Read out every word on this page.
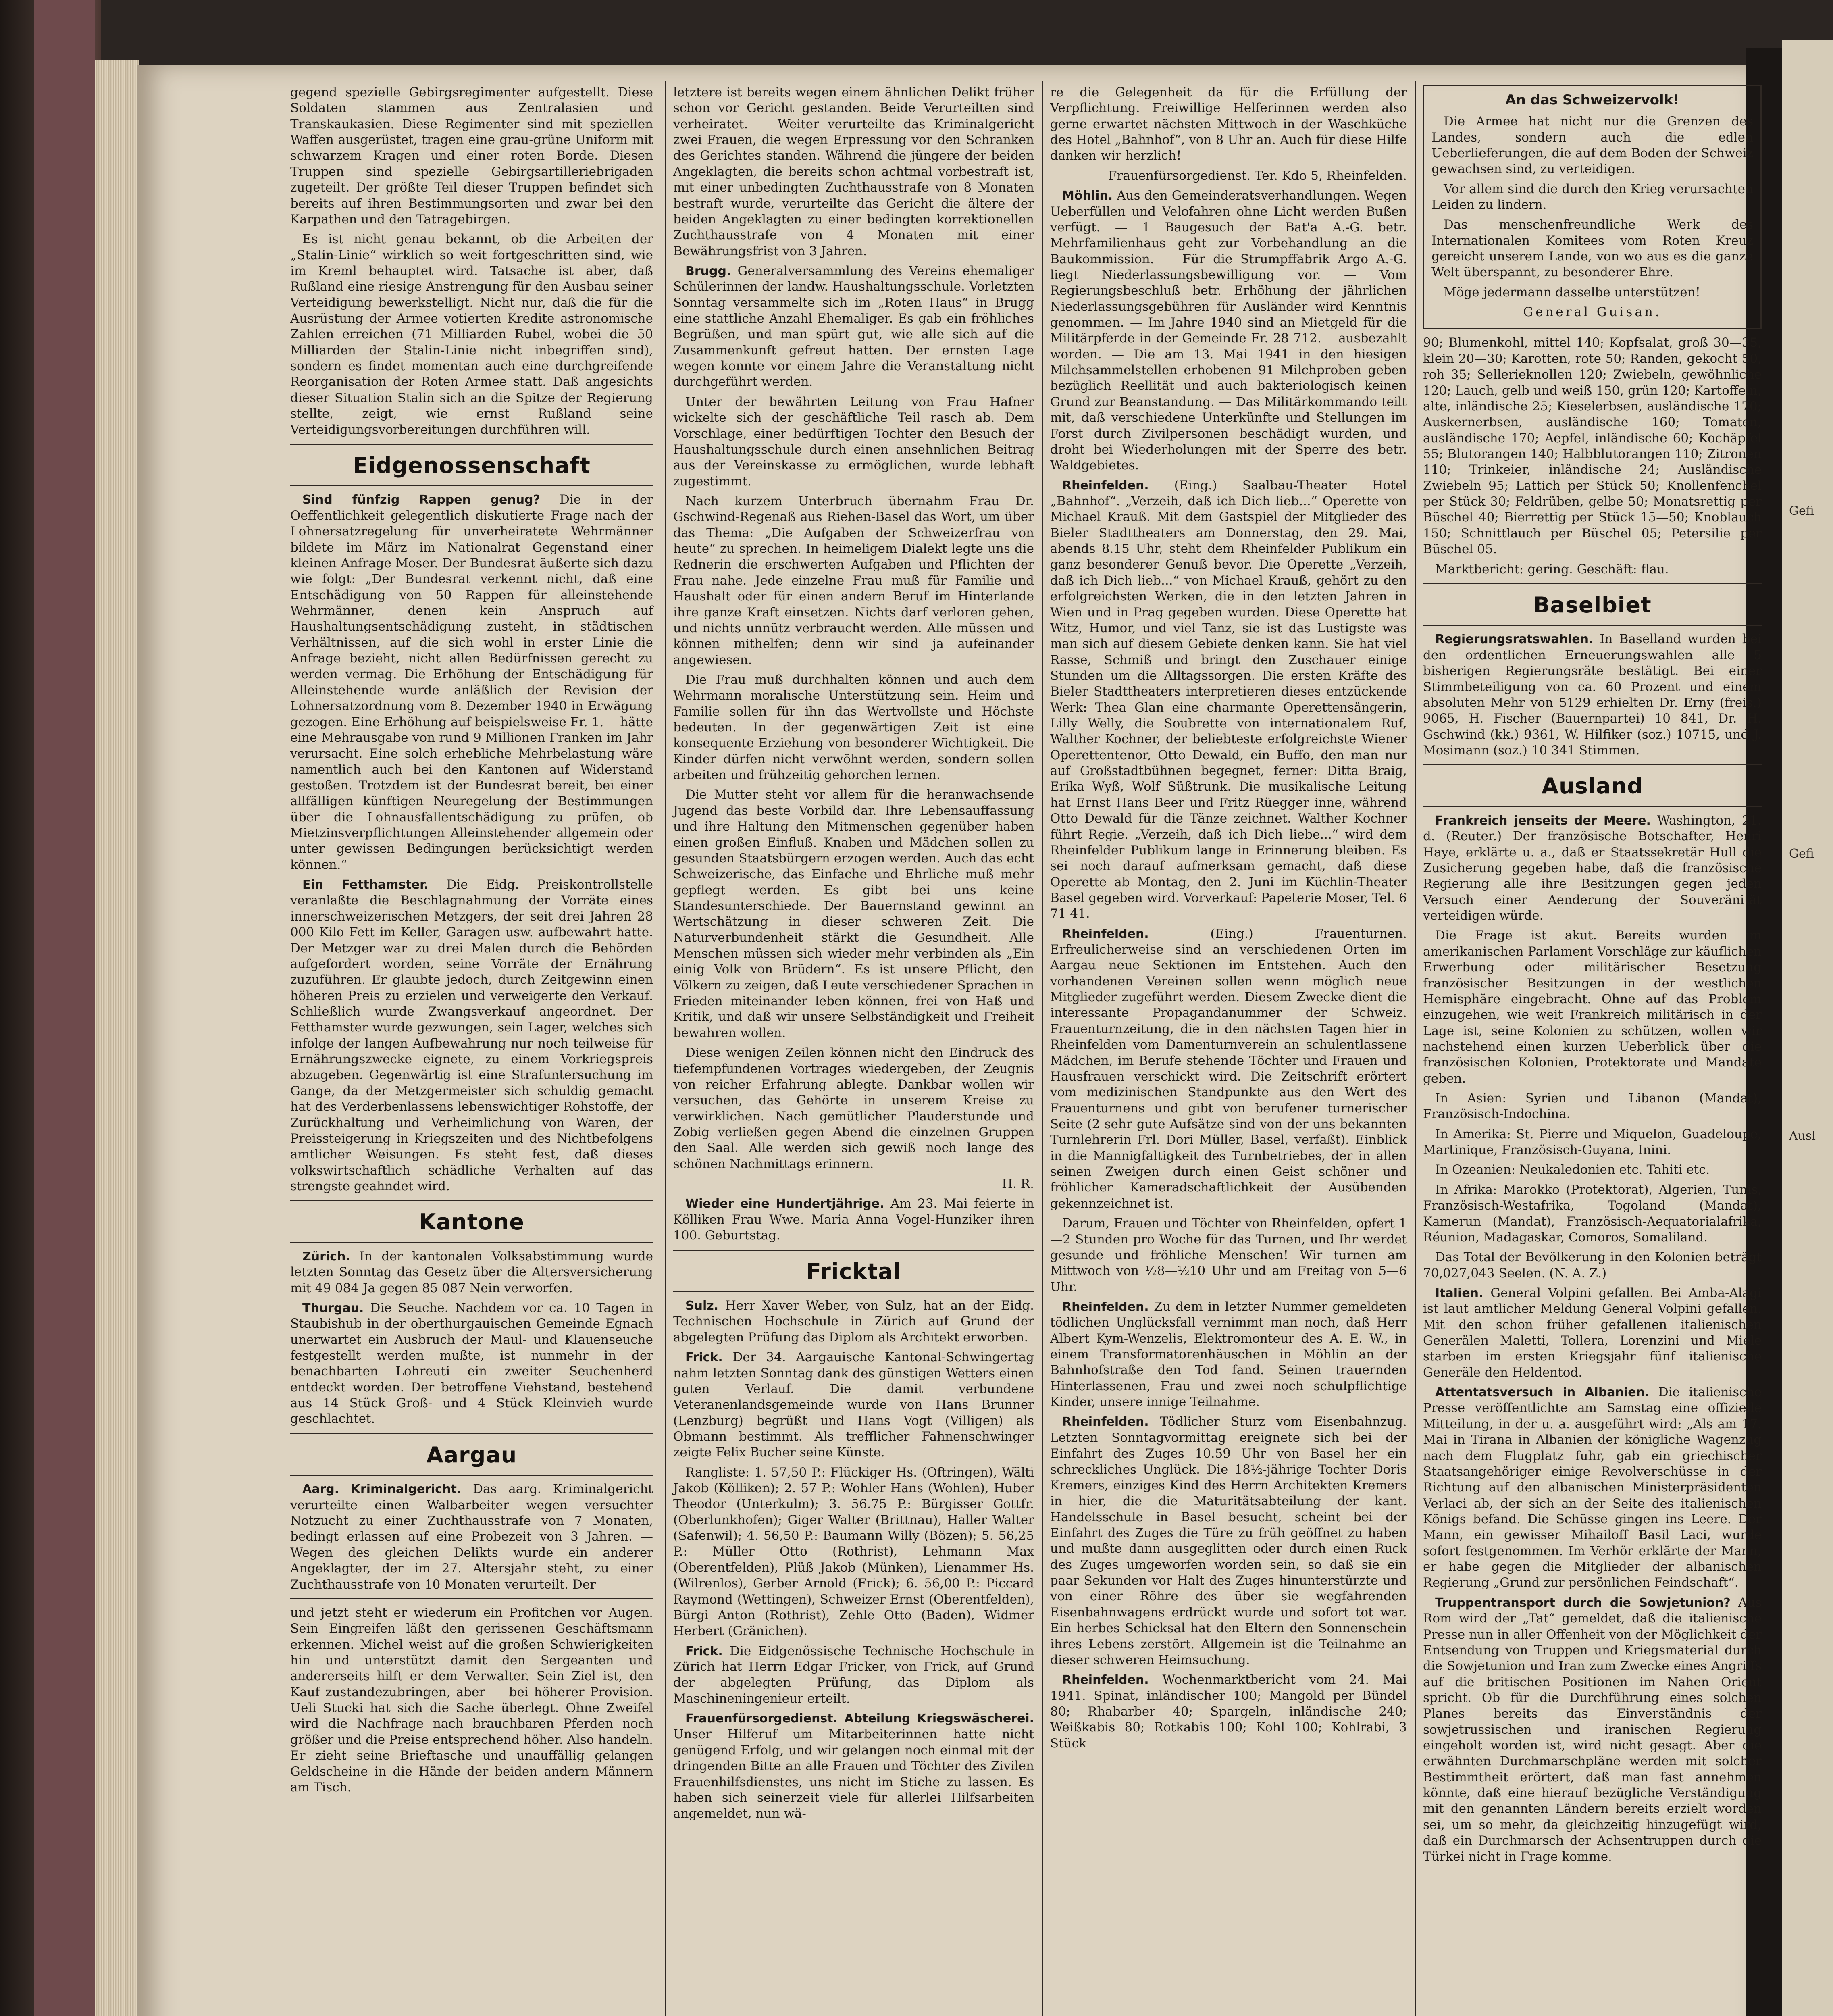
Gefi
Gefi
Ausl

gegend spezielle Gebirgsregimenter aufgestellt. Diese Soldaten stammen aus Zentralasien und Transkaukasien. Diese Regimenter sind mit speziellen Waffen ausgerüstet, tragen eine grau-grüne Uniform mit schwarzem Kragen und einer roten Borde. Diesen Truppen sind spezielle Gebirgsartilleriebrigaden zugeteilt. Der größte Teil dieser Truppen befindet sich bereits auf ihren Bestimmungsorten und zwar bei den Karpathen und den Tatragebirgen.

Es ist nicht genau bekannt, ob die Arbeiten der „Stalin-Linie“ wirklich so weit fortgeschritten sind, wie im Kreml behauptet wird. Tatsache ist aber, daß Rußland eine riesige Anstrengung für den Ausbau seiner Verteidigung bewerkstelligt. Nicht nur, daß die für die Ausrüstung der Armee votierten Kredite astronomische Zahlen erreichen (71 Milliarden Rubel, wobei die 50 Milliarden der Stalin-Linie nicht inbegriffen sind), sondern es findet momentan auch eine durchgreifende Reorganisation der Roten Armee statt. Daß angesichts dieser Situation Stalin sich an die Spitze der Regierung stellte, zeigt, wie ernst Rußland seine Verteidigungsvorbereitungen durchführen will.

Eidgenossenschaft

Sind fünfzig Rappen genug? Die in der Oeffentlichkeit gelegentlich diskutierte Frage nach der Lohnersatzregelung für unverheiratete Wehrmänner bildete im März im Nationalrat Gegenstand einer kleinen Anfrage Moser. Der Bundesrat äußerte sich dazu wie folgt: „Der Bundesrat verkennt nicht, daß eine Entschädigung von 50 Rappen für alleinstehende Wehrmänner, denen kein Anspruch auf Haushaltungsentschädigung zusteht, in städtischen Verhältnissen, auf die sich wohl in erster Linie die Anfrage bezieht, nicht allen Bedürfnissen gerecht zu werden vermag. Die Erhöhung der Entschädigung für Alleinstehende wurde anläßlich der Revision der Lohnersatzordnung vom 8. Dezember 1940 in Erwägung gezogen. Eine Erhöhung auf beispielsweise Fr. 1.— hätte eine Mehrausgabe von rund 9 Millionen Franken im Jahr verursacht. Eine solch erhebliche Mehrbelastung wäre namentlich auch bei den Kantonen auf Widerstand gestoßen. Trotzdem ist der Bundesrat bereit, bei einer allfälligen künftigen Neuregelung der Bestimmungen über die Lohnausfallentschädigung zu prüfen, ob Mietzinsverpflichtungen Alleinstehender allgemein oder unter gewissen Bedingungen berücksichtigt werden können.“

Ein Fetthamster. Die Eidg. Preiskontrollstelle veranlaßte die Beschlagnahmung der Vorräte eines innerschweizerischen Metzgers, der seit drei Jahren 28 000 Kilo Fett im Keller, Garagen usw. aufbewahrt hatte. Der Metzger war zu drei Malen durch die Behörden aufgefordert worden, seine Vorräte der Ernährung zuzuführen. Er glaubte jedoch, durch Zeitgewinn einen höheren Preis zu erzielen und verweigerte den Verkauf. Schließlich wurde Zwangsverkauf angeordnet. Der Fetthamster wurde gezwungen, sein Lager, welches sich infolge der langen Aufbewahrung nur noch teilweise für Ernährungszwecke eignete, zu einem Vorkriegspreis abzugeben. Gegenwärtig ist eine Strafuntersuchung im Gange, da der Metzgermeister sich schuldig gemacht hat des Verderbenlassens lebenswichtiger Rohstoffe, der Zurückhaltung und Verheimlichung von Waren, der Preissteigerung in Kriegszeiten und des Nichtbefolgens amtlicher Weisungen. Es steht fest, daß dieses volkswirtschaftlich schädliche Verhalten auf das strengste geahndet wird.

Kantone

Zürich. In der kantonalen Volksabstimmung wurde letzten Sonntag das Gesetz über die Altersversicherung mit 49 084 Ja gegen 85 087 Nein verworfen.

Thurgau. Die Seuche. Nachdem vor ca. 10 Tagen in Staubishub in der oberthurgauischen Gemeinde Egnach unerwartet ein Ausbruch der Maul- und Klauenseuche festgestellt werden mußte, ist nunmehr in der benachbarten Lohreuti ein zweiter Seuchenherd entdeckt worden. Der betroffene Viehstand, bestehend aus 14 Stück Groß- und 4 Stück Kleinvieh wurde geschlachtet.

Aargau

Aarg. Kriminalgericht. Das aarg. Kriminalgericht verurteilte einen Walbarbeiter wegen versuchter Notzucht zu einer Zuchthausstrafe von 7 Monaten, bedingt erlassen auf eine Probezeit von 3 Jahren. — Wegen des gleichen Delikts wurde ein anderer Angeklagter, der im 27. Altersjahr steht, zu einer Zuchthausstrafe von 10 Monaten verurteilt. Der

und jetzt steht er wiederum ein Profitchen vor Augen. Sein Eingreifen läßt den gerissenen Geschäftsmann erkennen. Michel weist auf die großen Schwierigkeiten hin und unterstützt damit den Sergeanten und andererseits hilft er dem Verwalter. Sein Ziel ist, den Kauf zustandezubringen, aber — bei höherer Provision. Ueli Stucki hat sich die Sache überlegt. Ohne Zweifel wird die Nachfrage nach brauchbaren Pferden noch größer und die Preise entsprechend höher. Also handeln. Er zieht seine Brieftasche und unauffällig gelangen Geldscheine in die Hände der beiden andern Männern am Tisch.

letztere ist bereits wegen einem ähnlichen Delikt früher schon vor Gericht gestanden. Beide Verurteilten sind verheiratet. — Weiter verurteilte das Kriminalgericht zwei Frauen, die wegen Erpressung vor den Schranken des Gerichtes standen. Während die jüngere der beiden Angeklagten, die bereits schon achtmal vorbestraft ist, mit einer unbedingten Zuchthausstrafe von 8 Monaten bestraft wurde, verurteilte das Gericht die ältere der beiden Angeklagten zu einer bedingten korrektionellen Zuchthausstrafe von 4 Monaten mit einer Bewährungsfrist von 3 Jahren.

Brugg. Generalversammlung des Vereins ehemaliger Schülerinnen der landw. Haushaltungsschule. Vorletzten Sonntag versammelte sich im „Roten Haus“ in Brugg eine stattliche Anzahl Ehemaliger. Es gab ein fröhliches Begrüßen, und man spürt gut, wie alle sich auf die Zusammenkunft gefreut hatten. Der ernsten Lage wegen konnte vor einem Jahre die Veranstaltung nicht durchgeführt werden.

Unter der bewährten Leitung von Frau Hafner wickelte sich der geschäftliche Teil rasch ab. Dem Vorschlage, einer bedürftigen Tochter den Besuch der Haushaltungsschule durch einen ansehnlichen Beitrag aus der Vereinskasse zu ermöglichen, wurde lebhaft zugestimmt.

Nach kurzem Unterbruch übernahm Frau Dr. Gschwind-Regenaß aus Riehen-Basel das Wort, um über das Thema: „Die Aufgaben der Schweizerfrau von heute“ zu sprechen. In heimeligem Dialekt legte uns die Rednerin die erschwerten Aufgaben und Pflichten der Frau nahe. Jede einzelne Frau muß für Familie und Haushalt oder für einen andern Beruf im Hinterlande ihre ganze Kraft einsetzen. Nichts darf verloren gehen, und nichts unnütz verbraucht werden. Alle müssen und können mithelfen; denn wir sind ja aufeinander angewiesen.

Die Frau muß durchhalten können und auch dem Wehrmann moralische Unterstützung sein. Heim und Familie sollen für ihn das Wertvollste und Höchste bedeuten. In der gegenwärtigen Zeit ist eine konsequente Erziehung von besonderer Wichtigkeit. Die Kinder dürfen nicht verwöhnt werden, sondern sollen arbeiten und frühzeitig gehorchen lernen.

Die Mutter steht vor allem für die heranwachsende Jugend das beste Vorbild dar. Ihre Lebensauffassung und ihre Haltung den Mitmenschen gegenüber haben einen großen Einfluß. Knaben und Mädchen sollen zu gesunden Staatsbürgern erzogen werden. Auch das echt Schweizerische, das Einfache und Ehrliche muß mehr gepflegt werden. Es gibt bei uns keine Standesunterschiede. Der Bauernstand gewinnt an Wertschätzung in dieser schweren Zeit. Die Naturverbundenheit stärkt die Gesundheit. Alle Menschen müssen sich wieder mehr verbinden als „Ein einig Volk von Brüdern“. Es ist unsere Pflicht, den Völkern zu zeigen, daß Leute verschiedener Sprachen in Frieden miteinander leben können, frei von Haß und Kritik, und daß wir unsere Selbständigkeit und Freiheit bewahren wollen.

Diese wenigen Zeilen können nicht den Eindruck des tiefempfundenen Vortrages wiedergeben, der Zeugnis von reicher Erfahrung ablegte. Dankbar wollen wir versuchen, das Gehörte in unserem Kreise zu verwirklichen. Nach gemütlicher Plauderstunde und Zobig verließen gegen Abend die einzelnen Gruppen den Saal. Alle werden sich gewiß noch lange des schönen Nachmittags erinnern.

H. R.

Wieder eine Hundertjährige. Am 23. Mai feierte in Kölliken Frau Wwe. Maria Anna Vogel-Hunziker ihren 100. Geburtstag.

Fricktal

Sulz. Herr Xaver Weber, von Sulz, hat an der Eidg. Technischen Hochschule in Zürich auf Grund der abgelegten Prüfung das Diplom als Architekt erworben.

Frick. Der 34. Aargauische Kantonal-Schwingertag nahm letzten Sonntag dank des günstigen Wetters einen guten Verlauf. Die damit verbundene Veteranenlandsgemeinde wurde von Hans Brunner (Lenzburg) begrüßt und Hans Vogt (Villigen) als Obmann bestimmt. Als trefflicher Fahnenschwinger zeigte Felix Bucher seine Künste.

Rangliste: 1. 57,50 P.: Flückiger Hs. (Oftringen), Wälti Jakob (Kölliken); 2. 57 P.: Wohler Hans (Wohlen), Huber Theodor (Unterkulm); 3. 56.75 P.: Bürgisser Gottfr. (Oberlunkhofen); Giger Walter (Brittnau), Haller Walter (Safenwil); 4. 56,50 P.: Baumann Willy (Bözen); 5. 56,25 P.: Müller Otto (Rothrist), Lehmann Max (Oberentfelden), Plüß Jakob (Münken), Lienammer Hs. (Wilrenlos), Gerber Arnold (Frick); 6. 56,00 P.: Piccard Raymond (Wettingen), Schweizer Ernst (Oberentfelden), Bürgi Anton (Rothrist), Zehle Otto (Baden), Widmer Herbert (Gränichen).

Frick. Die Eidgenössische Technische Hochschule in Zürich hat Herrn Edgar Fricker, von Frick, auf Grund der abgelegten Prüfung, das Diplom als Maschineningenieur erteilt.

Frauenfürsorgedienst. Abteilung Kriegswäscherei. Unser Hilferuf um Mitarbeiterinnen hatte nicht genügend Erfolg, und wir gelangen noch einmal mit der dringenden Bitte an alle Frauen und Töchter des Zivilen Frauenhilfsdienstes, uns nicht im Stiche zu lassen. Es haben sich seinerzeit viele für allerlei Hilfsarbeiten angemeldet, nun wä-

re die Gelegenheit da für die Erfüllung der Verpflichtung. Freiwillige Helferinnen werden also gerne erwartet nächsten Mittwoch in der Waschküche des Hotel „Bahnhof“, von 8 Uhr an. Auch für diese Hilfe danken wir herzlich!

Frauenfürsorgedienst. Ter. Kdo 5, Rheinfelden.

Möhlin. Aus den Gemeinderatsverhandlungen. Wegen Ueberfüllen und Velofahren ohne Licht werden Bußen verfügt. — 1 Baugesuch der Bat'a A.-G. betr. Mehrfamilienhaus geht zur Vorbehandlung an die Baukommission. — Für die Strumpffabrik Argo A.-G. liegt Niederlassungsbewilligung vor. — Vom Regierungsbeschluß betr. Erhöhung der jährlichen Niederlassungsgebühren für Ausländer wird Kenntnis genommen. — Im Jahre 1940 sind an Mietgeld für die Militärpferde in der Gemeinde Fr. 28 712.— ausbezahlt worden. — Die am 13. Mai 1941 in den hiesigen Milchsammelstellen erhobenen 91 Milchproben geben bezüglich Reellität und auch bakteriologisch keinen Grund zur Beanstandung. — Das Militärkommando teilt mit, daß verschiedene Unterkünfte und Stellungen im Forst durch Zivilpersonen beschädigt wurden, und droht bei Wiederholungen mit der Sperre des betr. Waldgebietes.

Rheinfelden. (Eing.) Saalbau-Theater Hotel „Bahnhof“. „Verzeih, daß ich Dich lieb...“ Operette von Michael Krauß. Mit dem Gastspiel der Mitglieder des Bieler Stadttheaters am Donnerstag, den 29. Mai, abends 8.15 Uhr, steht dem Rheinfelder Publikum ein ganz besonderer Genuß bevor. Die Operette „Verzeih, daß ich Dich lieb...“ von Michael Krauß, gehört zu den erfolgreichsten Werken, die in den letzten Jahren in Wien und in Prag gegeben wurden. Diese Operette hat Witz, Humor, und viel Tanz, sie ist das Lustigste was man sich auf diesem Gebiete denken kann. Sie hat viel Rasse, Schmiß und bringt den Zuschauer einige Stunden um die Alltagssorgen. Die ersten Kräfte des Bieler Stadttheaters interpretieren dieses entzückende Werk: Thea Glan eine charmante Operettensängerin, Lilly Welly, die Soubrette von internationalem Ruf, Walther Kochner, der beliebteste erfolgreichste Wiener Operettentenor, Otto Dewald, ein Buffo, den man nur auf Großstadtbühnen begegnet, ferner: Ditta Braig, Erika Wyß, Wolf Süßtrunk. Die musikalische Leitung hat Ernst Hans Beer und Fritz Rüegger inne, während Otto Dewald für die Tänze zeichnet. Walther Kochner führt Regie. „Verzeih, daß ich Dich liebe...“ wird dem Rheinfelder Publikum lange in Erinnerung bleiben. Es sei noch darauf aufmerksam gemacht, daß diese Operette ab Montag, den 2. Juni im Küchlin-Theater Basel gegeben wird. Vorverkauf: Papeterie Moser, Tel. 6 71 41.

Rheinfelden.	(Eing.) Frauenturnen. Erfreulicherweise sind an verschiedenen Orten im Aargau neue Sektionen im Entstehen. Auch den vorhandenen Vereinen sollen wenn möglich neue Mitglieder zugeführt werden. Diesem Zwecke dient die interessante Propagandanummer der Schweiz. Frauenturnzeitung, die in den nächsten Tagen hier in Rheinfelden vom Damenturnverein an schulentlassene Mädchen, im Berufe stehende Töchter und Frauen und Hausfrauen verschickt wird. Die Zeitschrift erörtert vom medizinischen Standpunkte aus den Wert des Frauenturnens und gibt von berufener turnerischer Seite (2 sehr gute Aufsätze sind von der uns bekannten Turnlehrerin Frl. Dori Müller, Basel, verfaßt). Einblick in die Mannigfaltigkeit des Turnbetriebes, der in allen seinen Zweigen durch einen Geist schöner und fröhlicher Kameradschaftlichkeit der Ausübenden gekennzeichnet ist.

Darum, Frauen und Töchter von Rheinfelden, opfert 1—2 Stunden pro Woche für das Turnen, und Ihr werdet gesunde und fröhliche Menschen! Wir turnen am Mittwoch von ½8—½10 Uhr und am Freitag von 5—6 Uhr.

Rheinfelden. Zu dem in letzter Nummer gemeldeten tödlichen Unglücksfall vernimmt man noch, daß Herr Albert Kym-Wenzelis, Elektromonteur des A. E. W., in einem Transformatorenhäuschen in Möhlin an der Bahnhofstraße den Tod fand. Seinen trauernden Hinterlassenen, Frau und zwei noch schulpflichtige Kinder, unsere innige Teilnahme.

Rheinfelden. Tödlicher Sturz vom Eisenbahnzug. Letzten Sonntagvormittag ereignete sich bei der Einfahrt des Zuges 10.59 Uhr von Basel her ein schreckliches Unglück. Die 18½-jährige Tochter Doris Kremers, einziges Kind des Herrn Architekten Kremers in hier, die die Maturitätsabteilung der kant. Handelsschule in Basel besucht, scheint bei der Einfahrt des Zuges die Türe zu früh geöffnet zu haben und mußte dann ausgeglitten oder durch einen Ruck des Zuges umgeworfen worden sein, so daß sie ein paar Sekunden vor Halt des Zuges hinunterstürzte und von einer Röhre des über sie wegfahrenden Eisenbahnwagens erdrückt wurde und sofort tot war. Ein herbes Schicksal hat den Eltern den Sonnenschein ihres Lebens zerstört. Allgemein ist die Teilnahme an dieser schweren Heimsuchung.

Rheinfelden. Wochenmarktbericht vom 24. Mai 1941. Spinat, inländischer 100; Mangold per Bündel 80; Rhabarber 40; Spargeln, inländische 240; Weißkabis 80; Rotkabis 100; Kohl 100; Kohlrabi, 3 Stück

An das Schweizervolk!

Die Armee hat nicht nur die Grenzen des Landes, sondern auch die edlen Ueberlieferungen, die auf dem Boden der Schweiz gewachsen sind, zu verteidigen.

Vor allem sind die durch den Krieg verursachten Leiden zu lindern.

Das menschenfreundliche Werk des Internationalen Komitees vom Roten Kreuz gereicht unserem Lande, von wo aus es die ganze Welt überspannt, zu besonderer Ehre.

Möge jedermann dasselbe unterstützen!

General Guisan.

90; Blumenkohl, mittel 140; Kopfsalat, groß 30—35, klein 20—30; Karotten, rote 50; Randen, gekocht 50, roh 35; Sellerieknollen 120; Zwiebeln, gewöhnliche 120; Lauch, gelb und weiß 150, grün 120; Kartoffeln, alte, inländische 25; Kieselerbsen, ausländische 170; Auskernerbsen, ausländische 160; Tomaten, ausländische 170; Aepfel, inländische 60; Kochäpfel 55; Blutorangen 140; Halbblutorangen 110; Zitronen 110; Trinkeier, inländische 24; Ausländische Zwiebeln 95; Lattich per Stück 50; Knollenfenchel per Stück 30; Feldrüben, gelbe 50; Monatsrettig per Büschel 40; Bierrettig per Stück 15—50; Knoblauch 150; Schnittlauch per Büschel 05; Petersilie per Büschel 05.

Marktbericht: gering. Geschäft: flau.

Baselbiet

Regierungsratswahlen. In Baselland wurden bei den ordentlichen Erneuerungswahlen alle 5 bisherigen Regierungsräte bestätigt. Bei einer Stimmbeteiligung von ca. 60 Prozent und einem absoluten Mehr von 5129 erhielten Dr. Erny (freis.) 9065, H. Fischer (Bauernpartei) 10 841, Dr. H. Gschwind (kk.) 9361, W. Hilfiker (soz.) 10715, und J. Mosimann (soz.) 10 341 Stimmen.

Ausland

Frankreich jenseits der Meere. Washington, 21. d. (Reuter.) Der französische Botschafter, Henri Haye, erklärte u. a., daß er Staatssekretär Hull die Zusicherung gegeben habe, daß die französische Regierung alle ihre Besitzungen gegen jeden Versuch einer Aenderung der Souveränität verteidigen würde.

Die Frage ist akut. Bereits wurden im amerikanischen Parlament Vorschläge zur käuflichen Erwerbung oder militärischer Besetzung französischer Besitzungen in der westlichen Hemisphäre eingebracht. Ohne auf das Problem einzugehen, wie weit Frankreich militärisch in der Lage ist, seine Kolonien zu schützen, wollen wir nachstehend einen kurzen Ueberblick über die französischen Kolonien, Protektorate und Mandate geben.

In Asien: Syrien und Libanon (Mandat), Französisch-Indochina.

In Amerika: St. Pierre und Miquelon, Guadeloupe, Martinique, Französisch-Guyana, Inini.

In Ozeanien: Neukaledonien etc. Tahiti etc.

In Afrika: Marokko (Protektorat), Algerien, Tunis, Französisch-Westafrika, Togoland (Mandat), Kamerun (Mandat), Französisch-Aequatorialafrika, Réunion, Madagaskar, Comoros, Somaliland.

Das Total der Bevölkerung in den Kolonien beträgt 70,027,043 Seelen. (N. A. Z.)

Italien. General Volpini gefallen. Bei Amba-Alagi ist laut amtlicher Meldung General Volpini gefallen. Mit den schon früher gefallenen italienischen Generälen Maletti, Tollera, Lorenzini und Miele starben im ersten Kriegsjahr fünf italienische Generäle den Heldentod.

Attentatsversuch in Albanien. Die italienische Presse veröffentlichte am Samstag eine offizielle Mitteilung, in der u. a. ausgeführt wird: „Als am 17. Mai in Tirana in Albanien der königliche Wagenzug nach dem Flugplatz fuhr, gab ein griechischer Staatsangehöriger einige Revolverschüsse in der Richtung auf den albanischen Ministerpräsidenten Verlaci ab, der sich an der Seite des italienischen Königs befand. Die Schüsse gingen ins Leere. Der Mann, ein gewisser Mihailoff Basil Laci, wurde sofort festgenommen. Im Verhör erklärte der Mann, er habe gegen die Mitglieder der albanischen Regierung „Grund zur persönlichen Feindschaft“.

Truppentransport durch die Sowjetunion? Aus Rom wird der „Tat“ gemeldet, daß die italienische Presse nun in aller Offenheit von der Möglichkeit der Entsendung von Truppen und Kriegsmaterial durch die Sowjetunion und Iran zum Zwecke eines Angriffs auf die britischen Positionen im Nahen Orient spricht. Ob für die Durchführung eines solchen Planes bereits das Einverständnis der sowjetrussischen und iranischen Regierung eingeholt worden ist, wird nicht gesagt. Aber die erwähnten Durchmarschpläne werden mit solcher Bestimmtheit erörtert, daß man fast annehmen könnte, daß eine hierauf bezügliche Verständigung mit den genannten Ländern bereits erzielt worden sei, um so mehr, da gleichzeitig hinzugefügt wird, daß ein Durchmarsch der Achsentruppen durch die Türkei nicht in Frage komme.
